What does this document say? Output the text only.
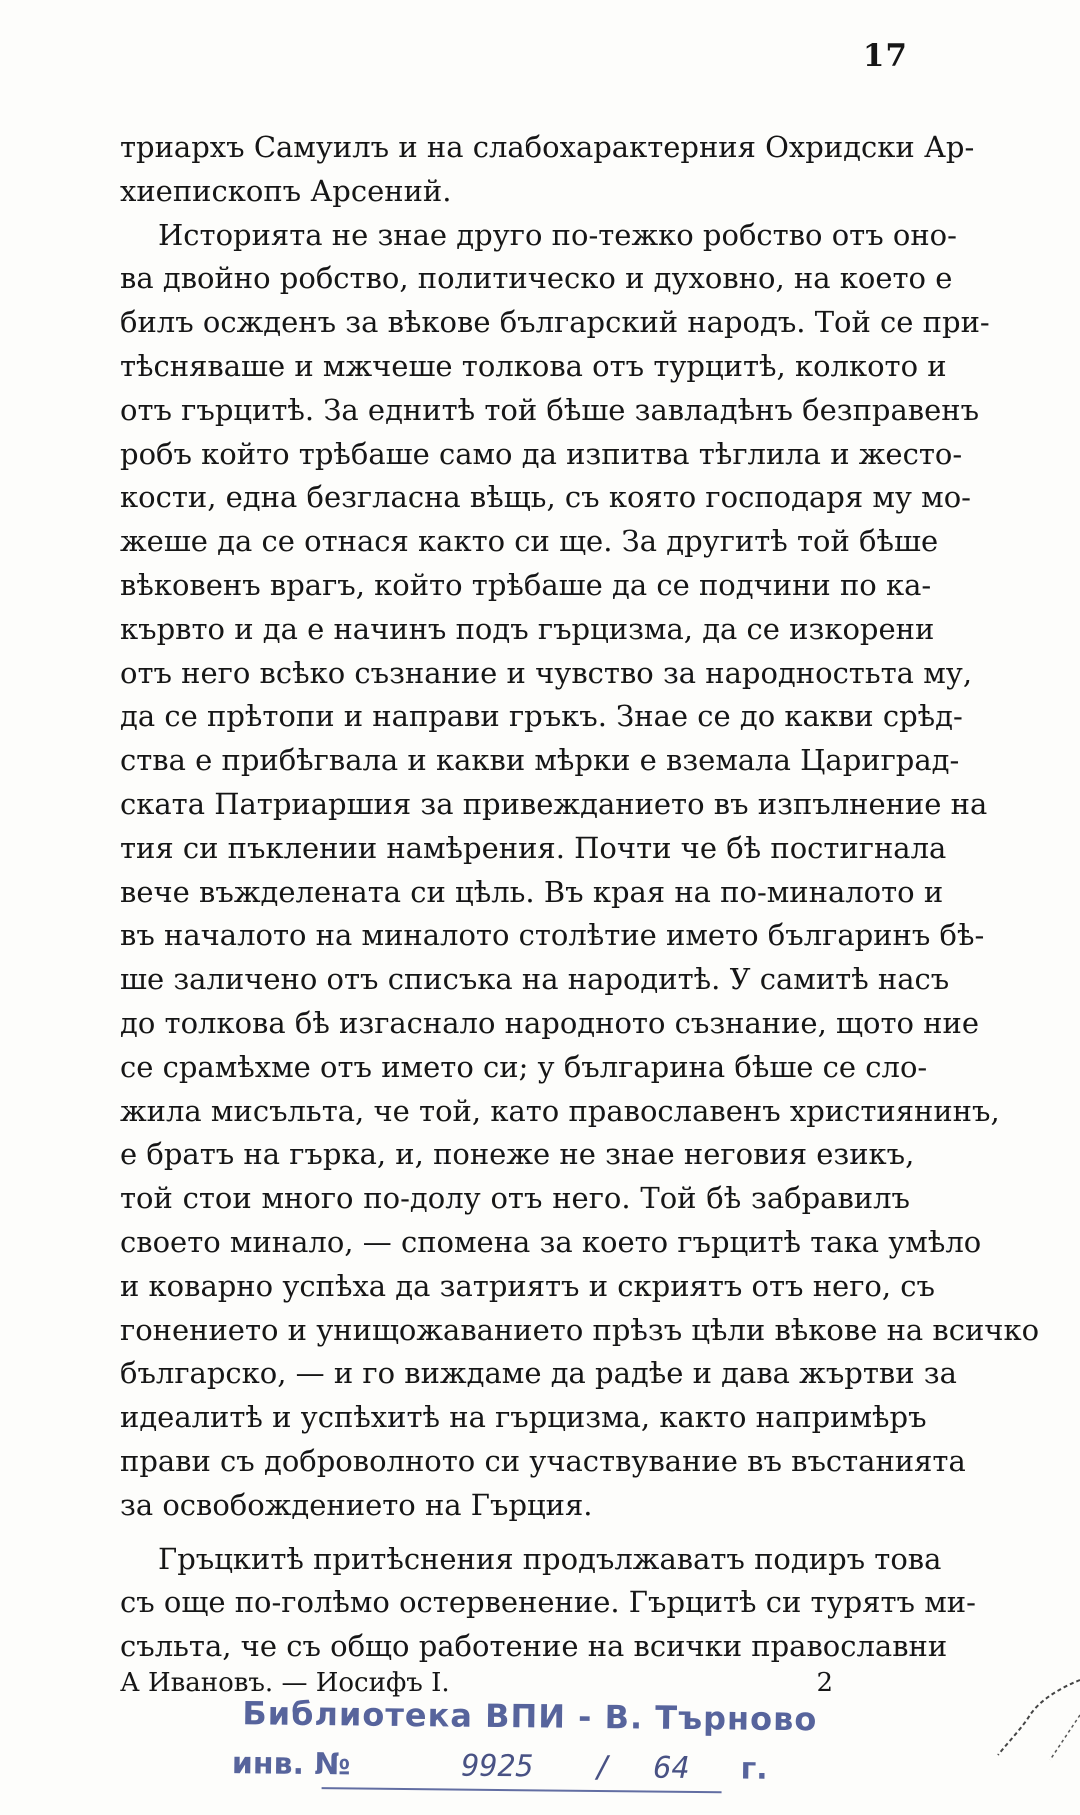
17
триархъ Самуилъ и на слабохарактерния Охридски Ар-
хиепископъ Арсений.
Историята не знае друго по-тежко робство отъ оно-
ва двойно робство, политическо и духовно, на което е
билъ осжденъ за вѣкове българский народъ. Той се при-
тѣсняваше и мжчеше толкова отъ турцитѣ, колкото и
отъ гърцитѣ. За еднитѣ той бѣше завладѣнъ безправенъ
робъ който трѣбаше само да изпитва тѣглила и жесто-
кости, една безгласна вѣщь, съ която господаря му мо-
жеше да се отнася както си ще. За другитѣ той бѣше
вѣковенъ врагъ, който трѣбаше да се подчини по ка-
кървто и да е начинъ подъ гърцизма, да се изкорени
отъ него всѣко съзнание и чувство за народностьта му,
да се прѣтопи и направи гръкъ. Знае се до какви срѣд-
ства е прибѣгвала и какви мѣрки е вземала Цариград-
ската Патриаршия за привежданието въ изпълнение на
тия си пъклении намѣрения. Почти че бѣ постигнала
вече въжделената си цѣль. Въ края на по-миналото и
въ началото на миналото столѣтие името българинъ бѣ-
ше заличено отъ списъка на народитѣ. У самитѣ насъ
до толкова бѣ изгаснало народното съзнание, щото ние
се срамѣхме отъ името си; у българина бѣше се сло-
жила мисъльта, че той, като православенъ християнинъ,
е братъ на гърка, и, понеже не знае неговия езикъ,
той стои много по-долу отъ него. Той бѣ забравилъ
своето минало, — спомена за което гърцитѣ така умѣло
и коварно успѣха да затриятъ и скриятъ отъ него, съ
гонението и унищожаванието прѣзъ цѣли вѣкове на всичко
българско, — и го виждаме да радѣе и дава жъртви за
идеалитѣ и успѣхитѣ на гърцизма, както напримѣръ
прави съ доброволното си участвувание въ въстанията
за освобождението на Гърция.
Гръцкитѣ притѣснения продължаватъ подиръ това
съ още по-голѣмо остервенение. Гърцитѣ си турятъ ми-
съльта, че съ общо работение на всички православни
А Ивановъ. — Иосифъ I.	2
Библиотека ВПИ - В. Търново
инв. №	9925 / 64 г.
